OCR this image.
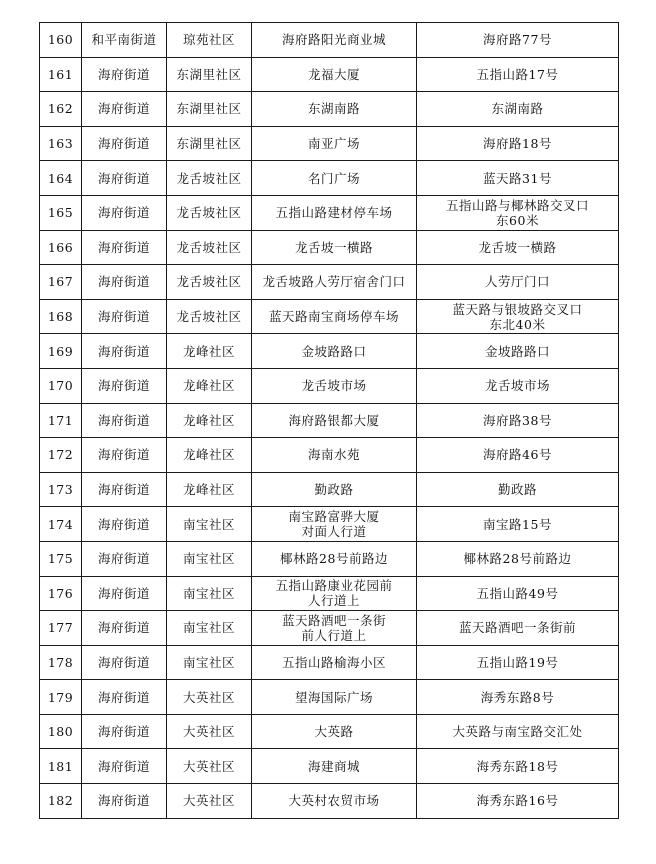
160	和平南街道	琼苑社区	海府路阳光商业城	海府路77号

161	海府街道	东湖里社区	龙福大厦	五指山路17号

162	海府街道	东湖里社区	东湖南路	东湖南路

163	海府街道	东湖里社区	南亚广场	海府路18号

164	海府街道	龙舌坡社区	名门广场	蓝天路31号

165	海府街道	龙舌坡社区	五指山路建材停车场	五指山路与椰林路交叉口
东60米

166	海府街道	龙舌坡社区	龙舌坡一横路	龙舌坡一横路

167	海府街道	龙舌坡社区	龙舌坡路人劳厅宿舍门口	人劳厅门口

168	海府街道	龙舌坡社区	蓝天路南宝商场停车场	蓝天路与银坡路交叉口
东北40米

169	海府街道	龙峰社区	金坡路路口	金坡路路口

170	海府街道	龙峰社区	龙舌坡市场	龙舌坡市场

171	海府街道	龙峰社区	海府路银都大厦	海府路38号

172	海府街道	龙峰社区	海南水苑	海府路46号

173	海府街道	龙峰社区	勤政路	勤政路

174	海府街道	南宝社区	南宝路富骅大厦
对面人行道	南宝路15号

175	海府街道	南宝社区	椰林路28号前路边	椰林路28号前路边

176	海府街道	南宝社区	五指山路康业花园前
人行道上	五指山路49号

177	海府街道	南宝社区	蓝天路酒吧一条街
前人行道上	蓝天路酒吧一条街前

178	海府街道	南宝社区	五指山路榆海小区	五指山路19号

179	海府街道	大英社区	望海国际广场	海秀东路8号

180	海府街道	大英社区	大英路	大英路与南宝路交汇处

181	海府街道	大英社区	海建商城	海秀东路18号

182	海府街道	大英社区	大英村农贸市场	海秀东路16号
